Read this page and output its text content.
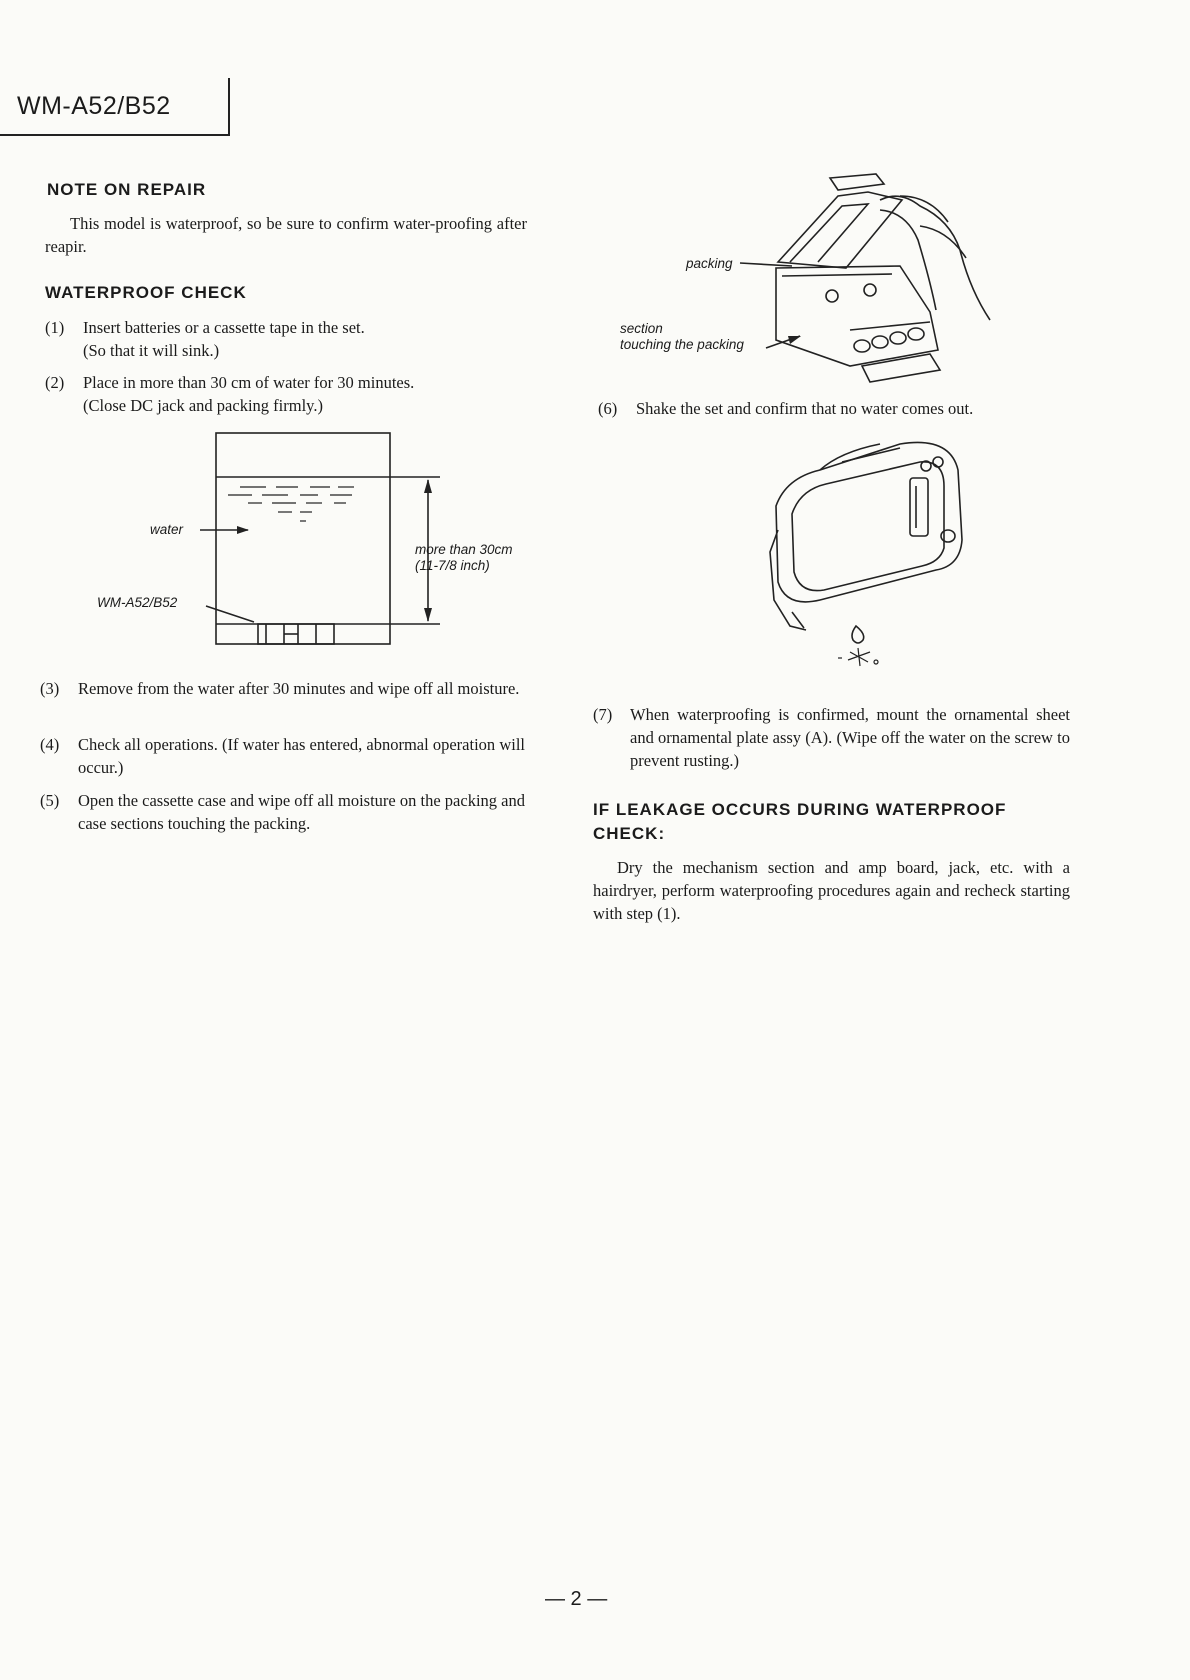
WM-A52/B52
NOTE ON REPAIR

This model is waterproof, so be sure to confirm water-proofing after reapir.

WATERPROOF CHECK
(1) Insert batteries or a cassette tape in the set.
(So that it will sink.)
(2) Place in more than 30 cm of water for 30 minutes.
(Close DC jack and packing firmly.)
water
more than 30cm
(11-7/8 inch)
WM-A52/B52
(3) Remove from the water after 30 minutes and wipe off all moisture.
(4) Check all operations. (If water has entered, abnormal operation will occur.)
(5) Open the cassette case and wipe off all moisture on the packing and case sections touching the packing.
packing
section
touching the packing
(6) Shake the set and confirm that no water comes out.
(7) When waterproofing is confirmed, mount the ornamental sheet and ornamental plate assy (A). (Wipe off the water on the screw to prevent rusting.)
IF LEAKAGE OCCURS DURING WATERPROOF
CHECK:

Dry the mechanism section and amp board, jack, etc. with a hairdryer, perform waterproofing procedures again and recheck starting with step (1).

— 2 —
